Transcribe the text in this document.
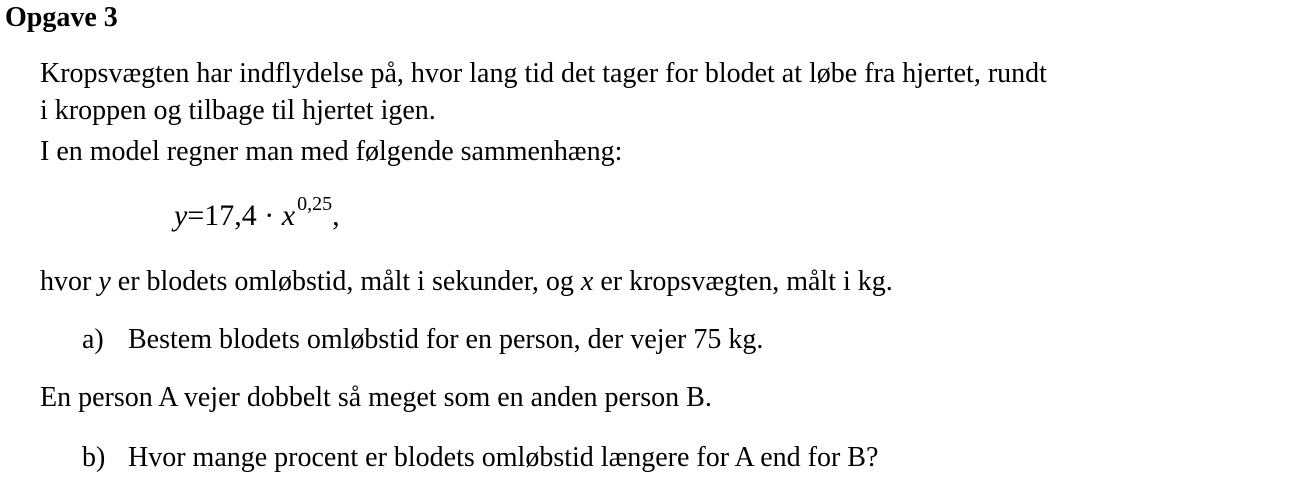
Opgave 3
Kropsvægten har indflydelse på, hvor lang tid det tager for blodet at løbe fra hjertet, rundt
i kroppen og tilbage til hjertet igen.
I en model regner man med følgende sammenhæng:
y=17,4 · x $^{0,25}$,
hvor y er blodets omløbstid, målt i sekunder, og x er kropsvægten, målt i kg.
a) Bestem blodets omløbstid for en person, der vejer 75 kg.
En person A vejer dobbelt så meget som en anden person B.
b) Hvor mange procent er blodets omløbstid længere for A end for B?
